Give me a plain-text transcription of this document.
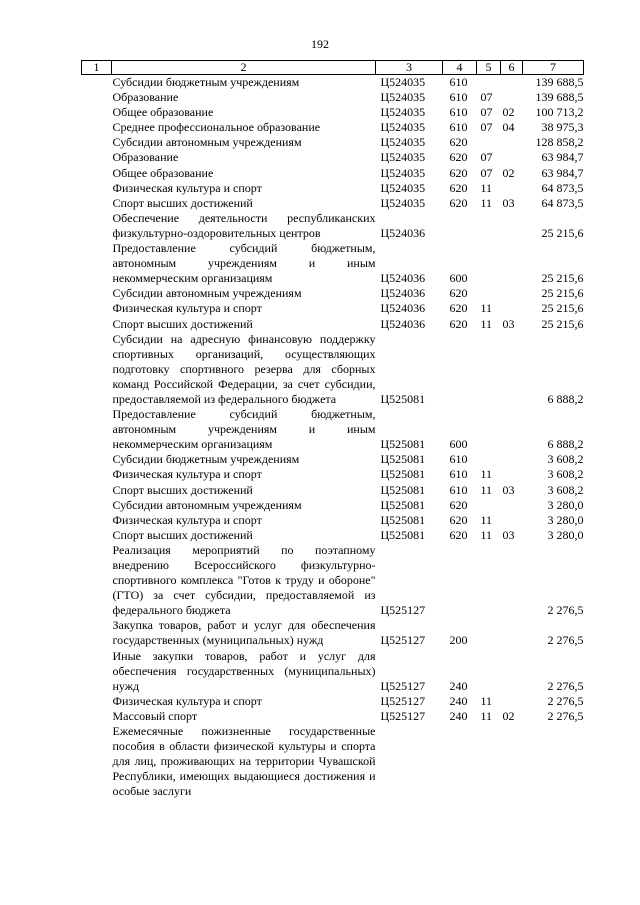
192
1	2	3	4	5	6	7
	Субсидии бюджетным учреждениям	Ц524035	610			139 688,5
	Образование	Ц524035	610	07		139 688,5
	Общее образование	Ц524035	610	07	02	100 713,2
	Среднее профессиональное образование	Ц524035	610	07	04	38 975,3
	Субсидии автономным учреждениям	Ц524035	620			128 858,2
	Образование	Ц524035	620	07		63 984,7
	Общее образование	Ц524035	620	07	02	63 984,7
	Физическая культура и спорт	Ц524035	620	11		64 873,5
	Спорт высших достижений	Ц524035	620	11	03	64 873,5
	Обеспечение деятельности республиканских физкультурно-оздоровительных центров	Ц524036				25 215,6
	Предоставление субсидий бюджетным, автономным учреждениям и иным некоммерческим организациям	Ц524036	600			25 215,6
	Субсидии автономным учреждениям	Ц524036	620			25 215,6
	Физическая культура и спорт	Ц524036	620	11		25 215,6
	Спорт высших достижений	Ц524036	620	11	03	25 215,6
	Субсидии на адресную финансовую поддержку спортивных организаций, осуществляющих подготовку спортивного резерва для сборных команд Российской Федерации, за счет субсидии, предоставляемой из федерального бюджета	Ц525081				6 888,2
	Предоставление субсидий бюджетным, автономным учреждениям и иным некоммерческим организациям	Ц525081	600			6 888,2
	Субсидии бюджетным учреждениям	Ц525081	610			3 608,2
	Физическая культура и спорт	Ц525081	610	11		3 608,2
	Спорт высших достижений	Ц525081	610	11	03	3 608,2
	Субсидии автономным учреждениям	Ц525081	620			3 280,0
	Физическая культура и спорт	Ц525081	620	11		3 280,0
	Спорт высших достижений	Ц525081	620	11	03	3 280,0
	Реализация мероприятий по поэтапному внедрению Всероссийского физкультурно-спортивного комплекса "Готов к труду и обороне" (ГТО) за счет субсидии, предоставляемой из федерального бюджета	Ц525127				2 276,5
	Закупка товаров, работ и услуг для обеспечения государственных (муниципальных) нужд	Ц525127	200			2 276,5
	Иные закупки товаров, работ и услуг для обеспечения государственных (муниципальных) нужд	Ц525127	240			2 276,5
	Физическая культура и спорт	Ц525127	240	11		2 276,5
	Массовый спорт	Ц525127	240	11	02	2 276,5
	Ежемесячные пожизненные государственные пособия в области физической культуры и спорта для лиц, проживающих на территории Чувашской Республики, имеющих выдающиеся достижения и особые заслуги					
